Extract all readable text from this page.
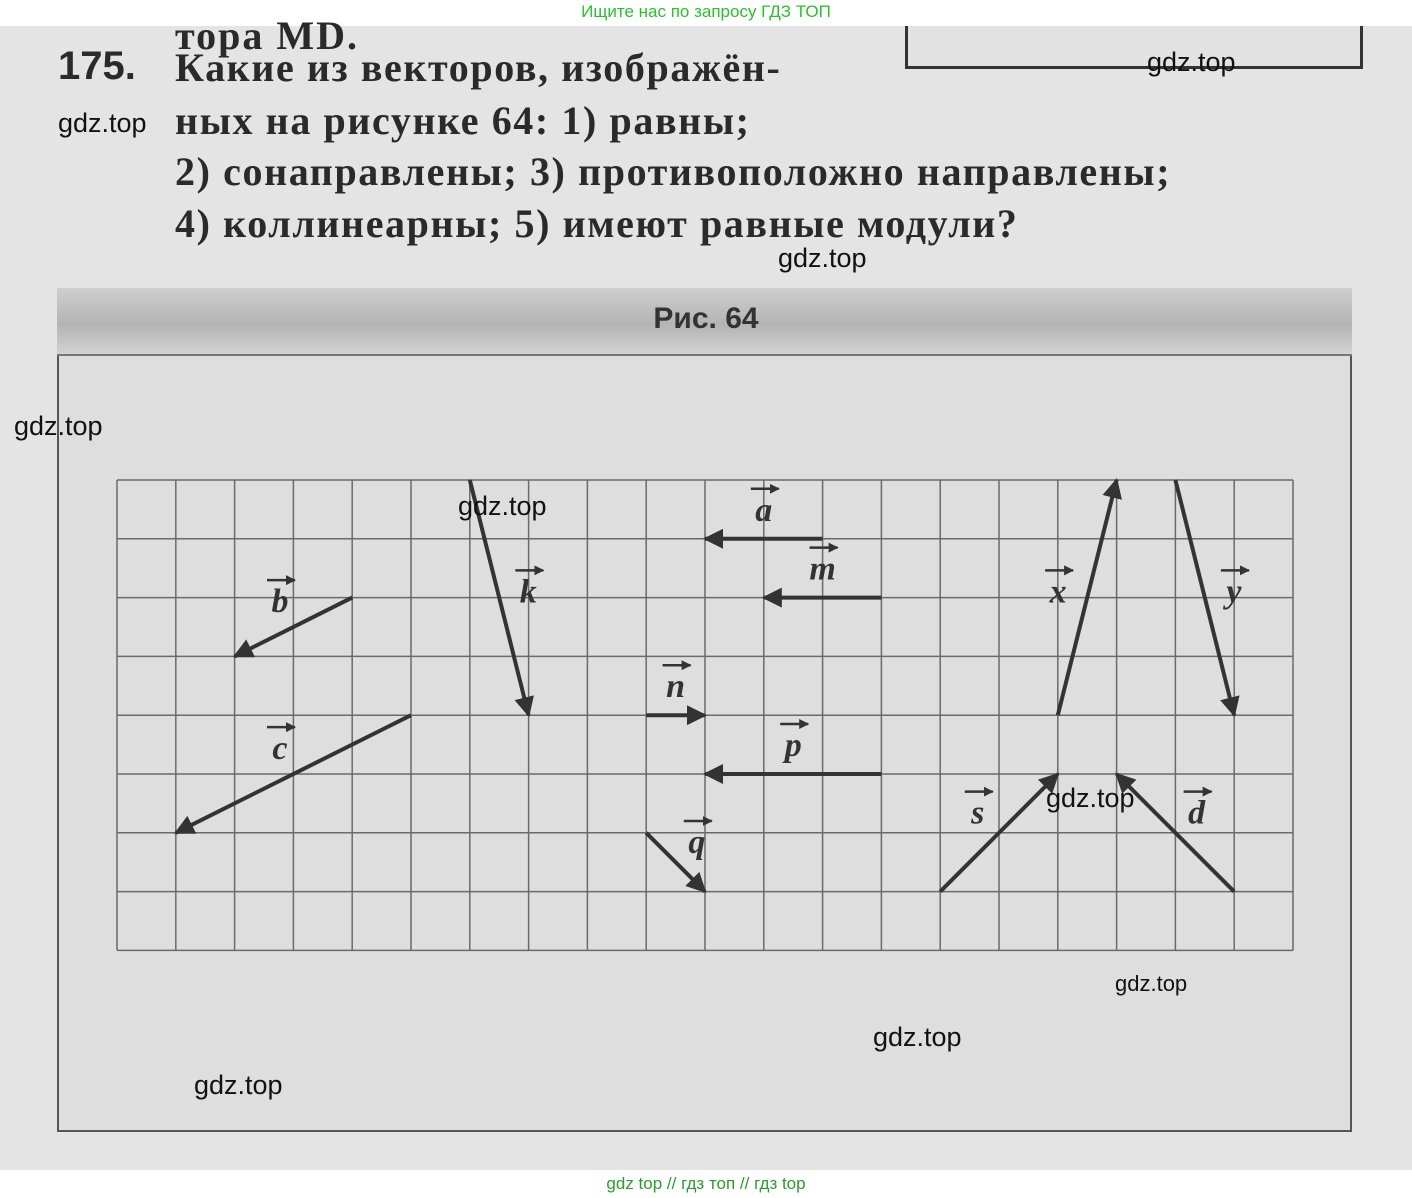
Ищите нас по запросу ГДЗ ТОП
тора MD.
175. Какие из векторов, изображён-
ных на рисунке 64: 1) равны;
2) сонаправлены; 3) противоположно направлены;
4) коллинеарны; 5) имеют равные модули?
Рис. 64
a
m
b
c
k
n
p
q
x	y
s	d
gdz.top
gdz.top
gdz.top
gdz.top
gdz.top
gdz.top
gdz.top
gdz.top
gdz.top
gdz top // гдз топ // гдз top
